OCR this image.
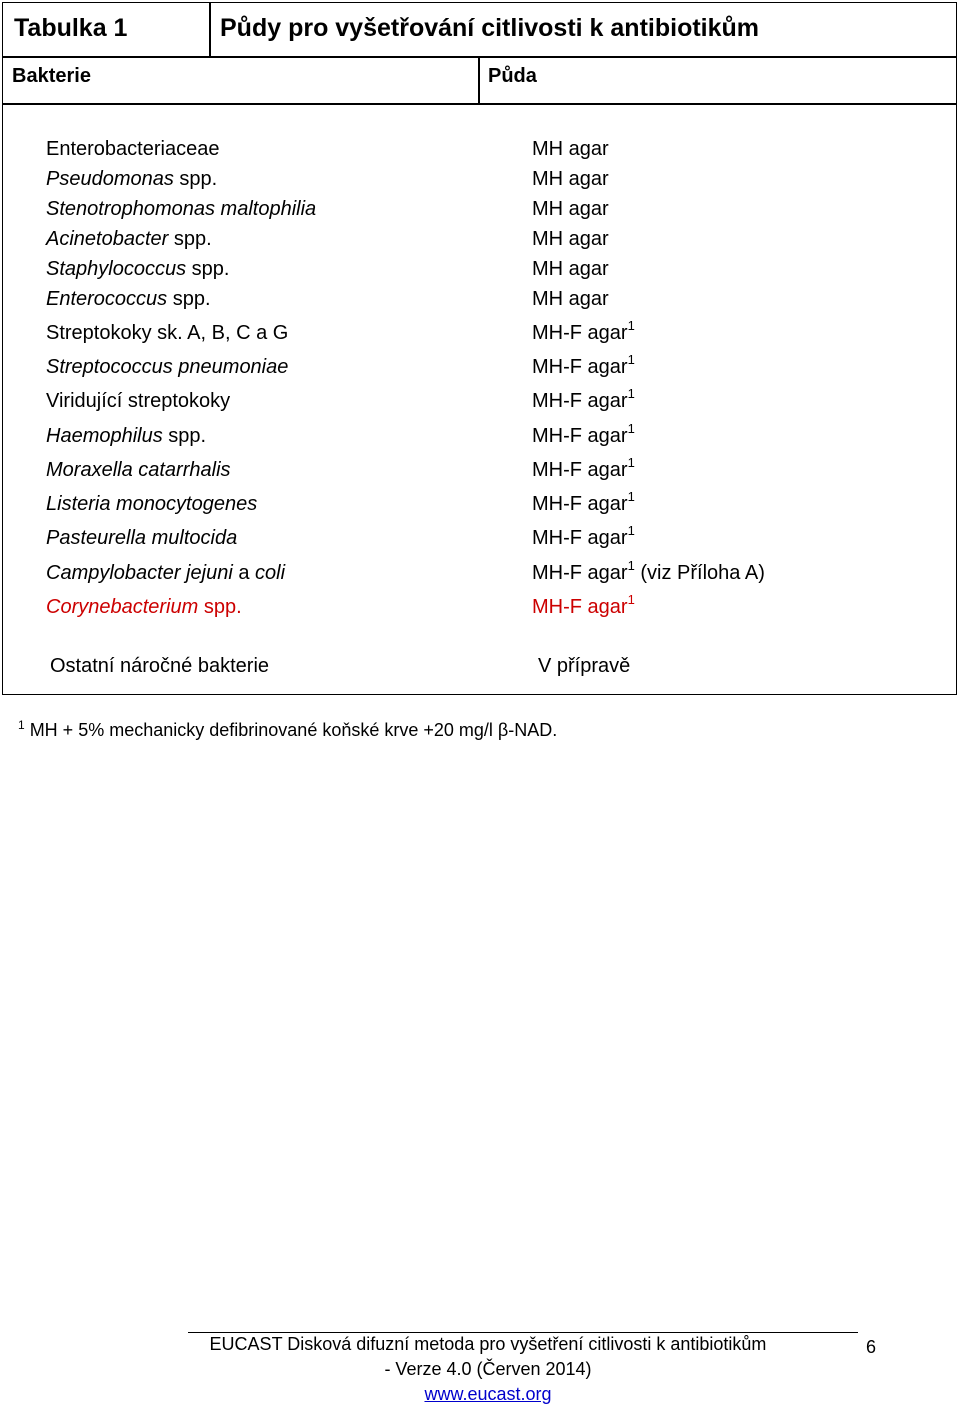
Tabulka 1	Půdy pro vyšetřování citlivosti k antibiotikům
Bakterie	Půda
Enterobacteriaceae	MH agar
Pseudomonas spp.	MH agar
Stenotrophomonas maltophilia	MH agar
Acinetobacter spp.	MH agar
Staphylococcus spp.	MH agar
Enterococcus spp.	MH agar
Streptokoky sk. A, B, C a G	MH-F agar$^1$
Streptococcus pneumoniae	MH-F agar$^1$
Viridující streptokoky	MH-F agar$^1$
Haemophilus spp.	MH-F agar$^1$
Moraxella catarrhalis	MH-F agar$^1$
Listeria monocytogenes	MH-F agar$^1$
Pasteurella multocida	MH-F agar$^1$
Campylobacter jejuni a coli	MH-F agar$^1$ (viz Příloha A)
Corynebacterium spp.	MH-F agar$^1$
Ostatní náročné bakterie	V přípravě
$^1$ MH + 5% mechanicky defibrinované koňské krve +20 mg/l β-NAD.
EUCAST Disková difuzní metoda pro vyšetření citlivosti k antibiotikům
- Verze 4.0 (Červen 2014)
www.eucast.org
6
